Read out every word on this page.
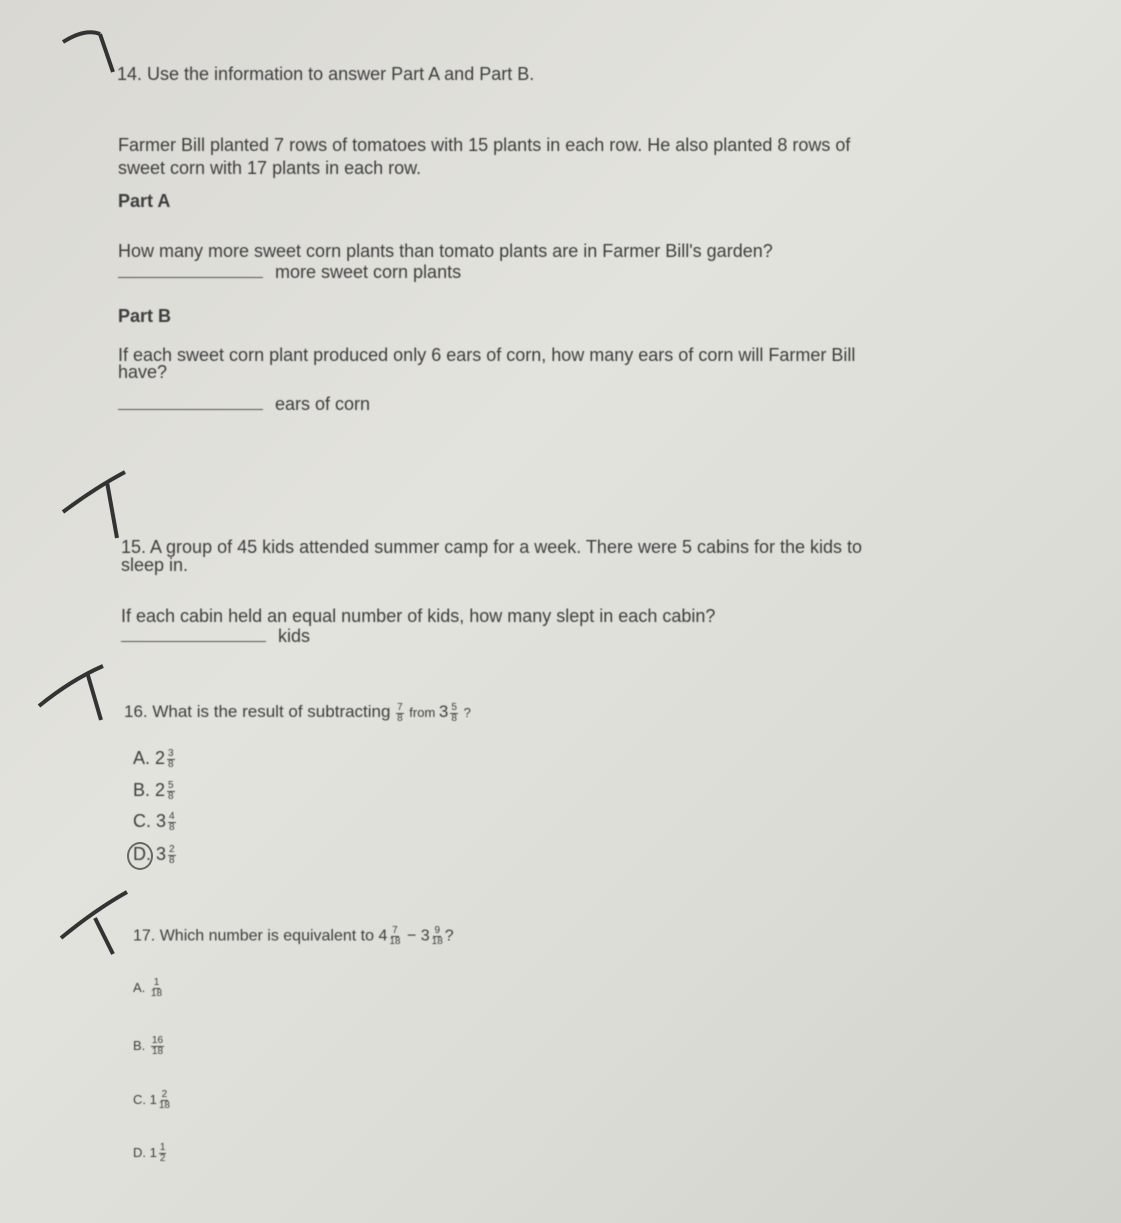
14. Use the information to answer Part A and Part B.
Farmer Bill planted 7 rows of tomatoes with 15 plants in each row. He also planted 8 rows of
sweet corn with 17 plants in each row.
Part A
How many more sweet corn plants than tomato plants are in Farmer Bill's garden?
more sweet corn plants
Part B
If each sweet corn plant produced only 6 ears of corn, how many ears of corn will Farmer Bill
have?
ears of corn
15. A group of 45 kids attended summer camp for a week. There were 5 cabins for the kids to
sleep in.
If each cabin held an equal number of kids, how many slept in each cabin?
kids
16. What is the result of subtracting $\frac{7}{8}$ from $3 \frac{5}{8}$ ?
A. $2 \frac{3}{8}$
B. $2 \frac{5}{8}$
C. $3 \frac{4}{8}$
D. $3 \frac{2}{8}$
17. Which number is equivalent to $4 \frac{7}{18} - 3 \frac{9}{18}$ ?
A. $\frac{1}{18}$
B. $\frac{16}{18}$
C. $1 \frac{2}{18}$
D. $1 \frac{1}{2}$
